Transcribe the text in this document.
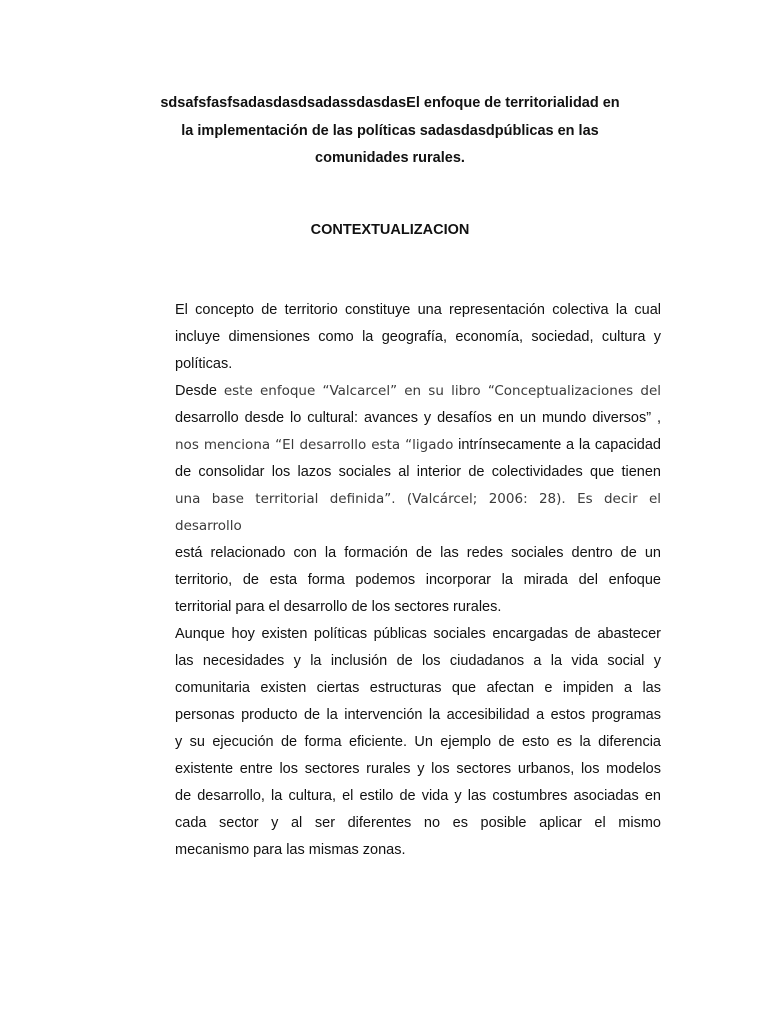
sdsafsfasfsadasdasdsadassdasdasEl enfoque de territorialidad en
la implementación de las políticas sadasdasdpúblicas en las
comunidades rurales.
CONTEXTUALIZACION
El concepto de territorio constituye una representación colectiva la cual
incluye dimensiones como la geografía, economía, sociedad, cultura y
políticas.
Desde este enfoque “Valcarcel” en su libro “Conceptualizaciones del
desarrollo desde lo cultural: avances y desafíos en un mundo diversos” ,
nos menciona “El desarrollo esta “ligado intrínsecamente a la capacidad
de consolidar los lazos sociales al interior de colectividades que tienen
una base territorial definida”. (Valcárcel; 2006: 28). Es decir el desarrollo
está relacionado con la formación de las redes sociales dentro de un
territorio, de esta forma podemos incorporar la mirada del enfoque
territorial para el desarrollo de los sectores rurales.
Aunque hoy existen políticas públicas sociales encargadas de abastecer
las necesidades y la inclusión de los ciudadanos a la vida social y
comunitaria existen ciertas estructuras que afectan e impiden a las
personas producto de la intervención la accesibilidad a estos programas
y su ejecución de forma eficiente. Un ejemplo de esto es la diferencia
existente entre los sectores rurales y los sectores urbanos, los modelos
de desarrollo, la cultura, el estilo de vida y las costumbres asociadas en
cada sector y al ser diferentes no es posible aplicar el mismo
mecanismo para las mismas zonas.
